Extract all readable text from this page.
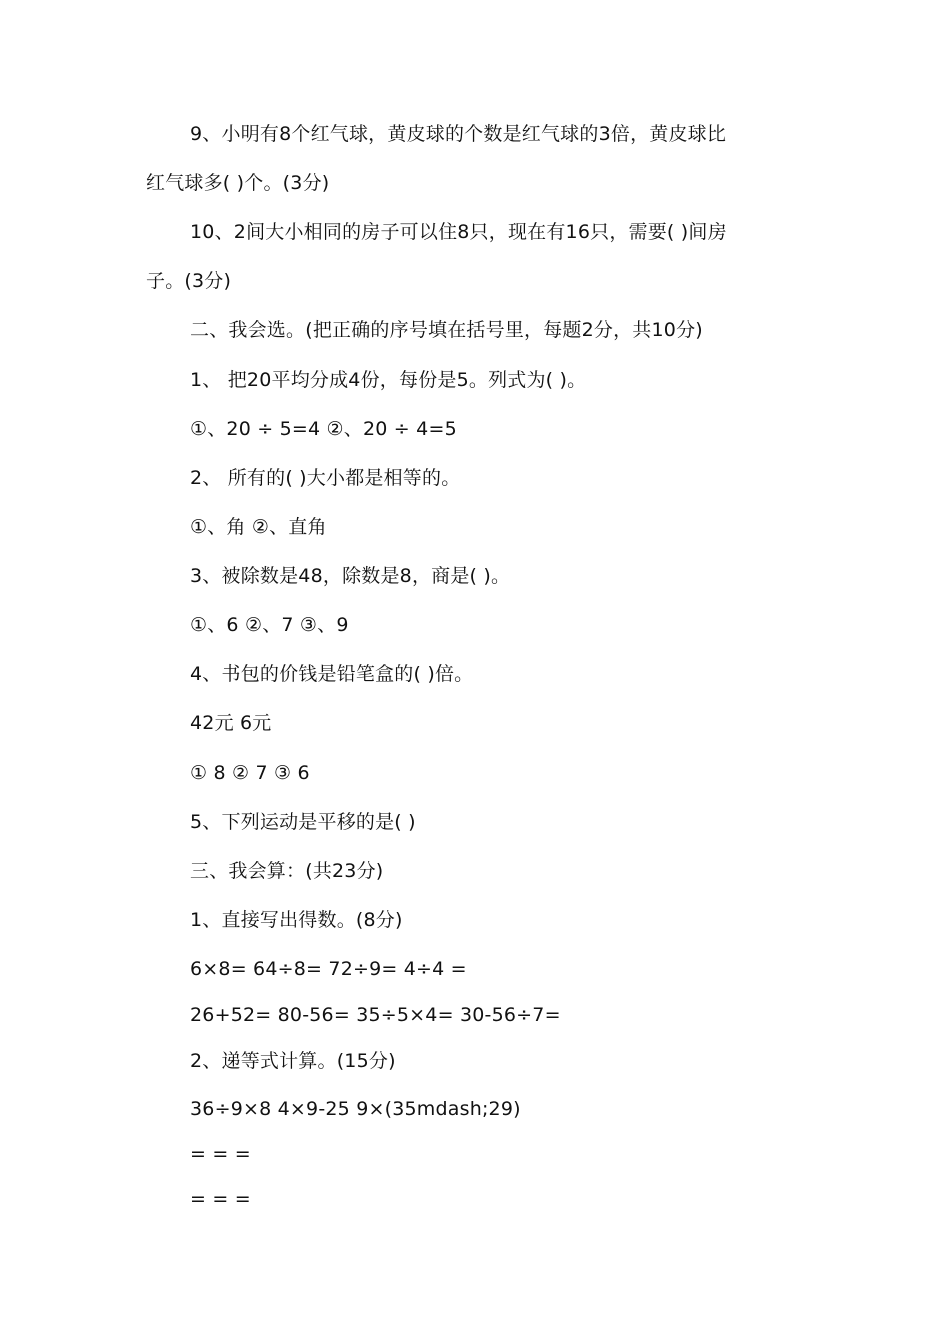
9、小明有8个红气球，黄皮球的个数是红气球的3倍，黄皮球比
红气球多( )个。(3分)
10、2间大小相同的房子可以住8只，现在有16只，需要( )间房
子。(3分)
二、我会选。(把正确的序号填在括号里，每题2分，共10分)
1、 把20平均分成4份，每份是5。列式为( )。
①、20 ÷ 5=4 ②、20 ÷ 4=5
2、 所有的( )大小都是相等的。
①、角 ②、直角
3、被除数是48，除数是8，商是( )。
①、6 ②、7 ③、9
4、书包的价钱是铅笔盒的( )倍。
42元 6元
① 8 ② 7 ③ 6
5、下列运动是平移的是( )
三、我会算：(共23分)
1、直接写出得数。(8分)
6×8= 64÷8= 72÷9= 4÷4 =
26+52= 80-56= 35÷5×4= 30-56÷7=
2、递等式计算。(15分)
36÷9×8 4×9-25 9×(35mdash;29)
= = =
= = =
